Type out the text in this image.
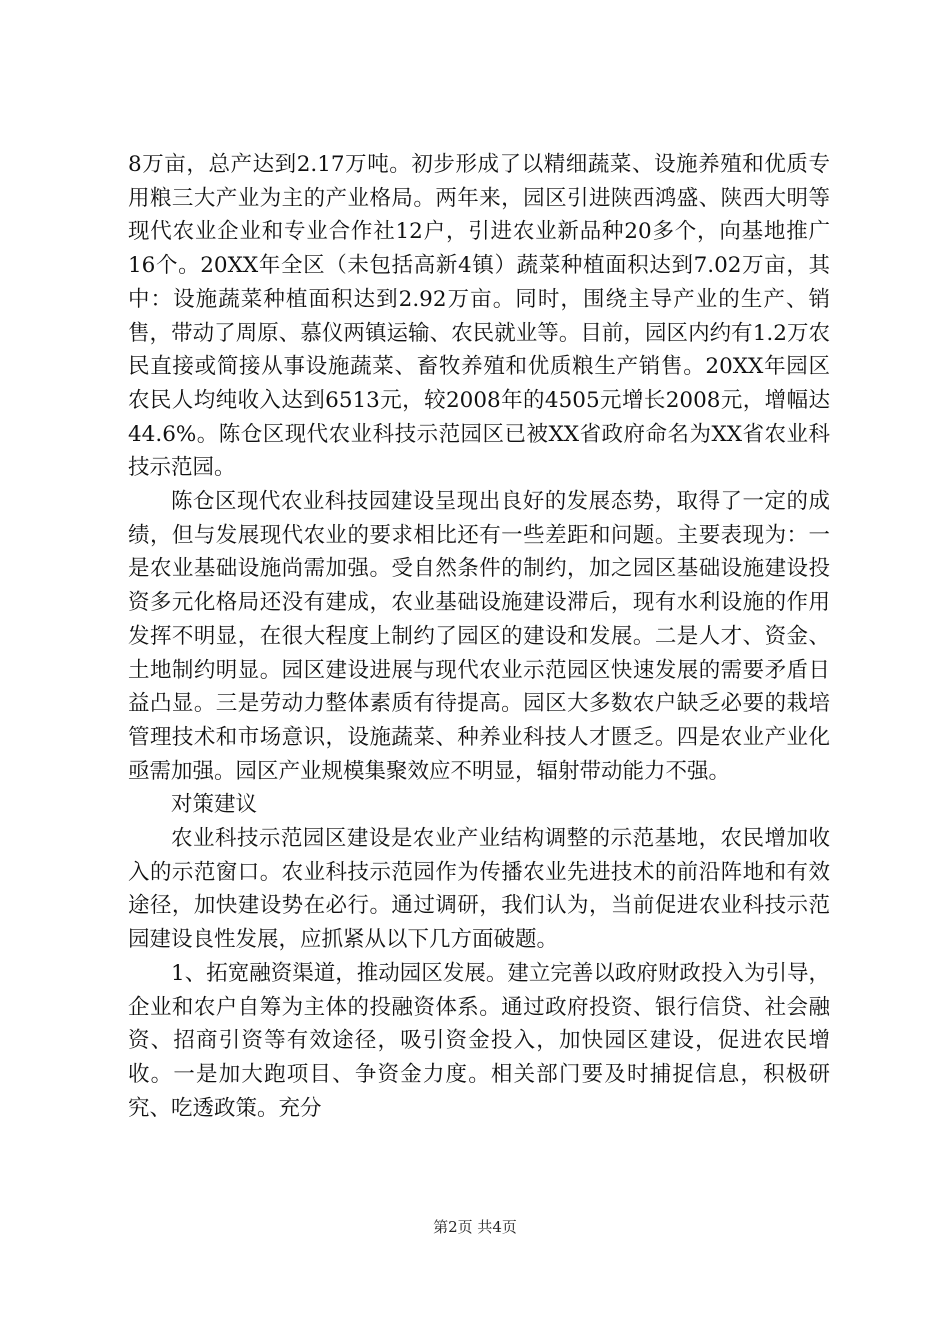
8万亩，总产达到2.17万吨。初步形成了以精细蔬菜、设施养殖和优质专用粮三大产业为主的产业格局。两年来，园区引进陕西鸿盛、陕西大明等现代农业企业和专业合作社12户，引进农业新品种20多个，向基地推广16个。20XX年全区（未包括高新4镇）蔬菜种植面积达到7.02万亩，其中：设施蔬菜种植面积达到2.92万亩。同时，围绕主导产业的生产、销售，带动了周原、慕仪两镇运输、农民就业等。目前，园区内约有1.2万农民直接或简接从事设施蔬菜、畜牧养殖和优质粮生产销售。20XX年园区农民人均纯收入达到6513元，较2008年的4505元增长2008元，增幅达44.6%。陈仓区现代农业科技示范园区已被XX省政府命名为XX省农业科技示范园。

陈仓区现代农业科技园建设呈现出良好的发展态势，取得了一定的成绩，但与发展现代农业的要求相比还有一些差距和问题。主要表现为：一是农业基础设施尚需加强。受自然条件的制约，加之园区基础设施建设投资多元化格局还没有建成，农业基础设施建设滞后，现有水利设施的作用发挥不明显，在很大程度上制约了园区的建设和发展。二是人才、资金、土地制约明显。园区建设进展与现代农业示范园区快速发展的需要矛盾日益凸显。三是劳动力整体素质有待提高。园区大多数农户缺乏必要的栽培管理技术和市场意识，设施蔬菜、种养业科技人才匮乏。四是农业产业化亟需加强。园区产业规模集聚效应不明显，辐射带动能力不强。

对策建议

农业科技示范园区建设是农业产业结构调整的示范基地，农民增加收入的示范窗口。农业科技示范园作为传播农业先进技术的前沿阵地和有效途径，加快建设势在必行。通过调研，我们认为，当前促进农业科技示范园建设良性发展，应抓紧从以下几方面破题。

1、拓宽融资渠道，推动园区发展。建立完善以政府财政投入为引导，企业和农户自筹为主体的投融资体系。通过政府投资、银行信贷、社会融资、招商引资等有效途径，吸引资金投入，加快园区建设，促进农民增收。一是加大跑项目、争资金力度。相关部门要及时捕捉信息，积极研究、吃透政策。充分

第2页 共4页
